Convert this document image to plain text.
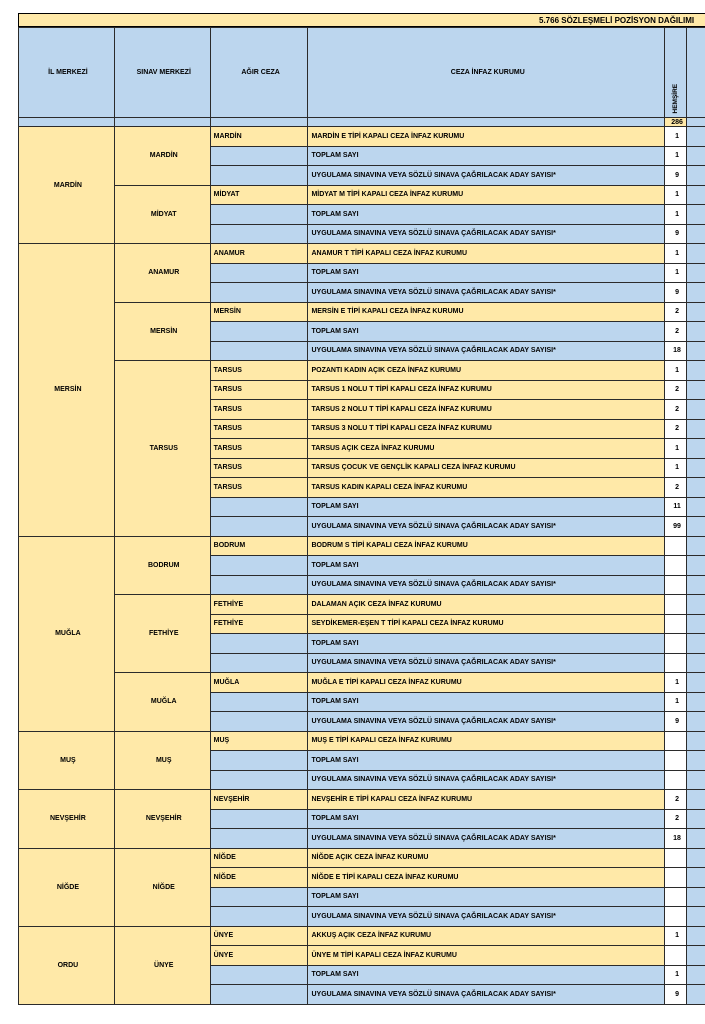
5.766 SÖZLEŞMELİ POZİSYON DAĞILIMI
İL MERKEZİ	SINAV MERKEZİ	AĞIR CEZA	CEZA İNFAZ KURUMU	HEMŞİRE	

				286	
MARDİN	MARDİN	MARDİN	MARDİN E TİPİ KAPALI CEZA İNFAZ KURUMU	1	
			TOPLAM SAYI	1	
			UYGULAMA SINAVINA VEYA SÖZLÜ SINAVA ÇAĞRILACAK ADAY SAYISI*	9	
	MİDYAT	MİDYAT	MİDYAT M TİPİ KAPALI CEZA İNFAZ KURUMU	1	
			TOPLAM SAYI	1	
			UYGULAMA SINAVINA VEYA SÖZLÜ SINAVA ÇAĞRILACAK ADAY SAYISI*	9	
MERSİN	ANAMUR	ANAMUR	ANAMUR T TİPİ KAPALI CEZA İNFAZ KURUMU	1	
			TOPLAM SAYI	1	
			UYGULAMA SINAVINA VEYA SÖZLÜ SINAVA ÇAĞRILACAK ADAY SAYISI*	9	
	MERSİN	MERSİN	MERSİN E TİPİ KAPALI CEZA İNFAZ KURUMU	2	
			TOPLAM SAYI	2	
			UYGULAMA SINAVINA VEYA SÖZLÜ SINAVA ÇAĞRILACAK ADAY SAYISI*	18	
	TARSUS	TARSUS	POZANTI KADIN AÇIK CEZA İNFAZ KURUMU	1	
		TARSUS	TARSUS 1 NOLU T TİPİ KAPALI CEZA İNFAZ KURUMU	2	
		TARSUS	TARSUS 2 NOLU T TİPİ KAPALI CEZA İNFAZ KURUMU	2	
		TARSUS	TARSUS 3 NOLU T TİPİ KAPALI CEZA İNFAZ KURUMU	2	
		TARSUS	TARSUS AÇIK CEZA İNFAZ KURUMU	1	
		TARSUS	TARSUS ÇOCUK VE GENÇLİK KAPALI CEZA İNFAZ KURUMU	1	
		TARSUS	TARSUS KADIN KAPALI CEZA İNFAZ KURUMU	2	
			TOPLAM SAYI	11	
			UYGULAMA SINAVINA VEYA SÖZLÜ SINAVA ÇAĞRILACAK ADAY SAYISI*	99	
MUĞLA	BODRUM	BODRUM	BODRUM S TİPİ KAPALI CEZA İNFAZ KURUMU		
			TOPLAM SAYI		
			UYGULAMA SINAVINA VEYA SÖZLÜ SINAVA ÇAĞRILACAK ADAY SAYISI*		
	FETHİYE	FETHİYE	DALAMAN AÇIK CEZA İNFAZ KURUMU		
		FETHİYE	SEYDİKEMER-EŞEN T TİPİ KAPALI CEZA İNFAZ KURUMU		
			TOPLAM SAYI		
			UYGULAMA SINAVINA VEYA SÖZLÜ SINAVA ÇAĞRILACAK ADAY SAYISI*		
	MUĞLA	MUĞLA	MUĞLA E TİPİ KAPALI CEZA İNFAZ KURUMU	1	
			TOPLAM SAYI	1	
			UYGULAMA SINAVINA VEYA SÖZLÜ SINAVA ÇAĞRILACAK ADAY SAYISI*	9	
MUŞ	MUŞ	MUŞ	MUŞ E TİPİ KAPALI CEZA İNFAZ KURUMU		
			TOPLAM SAYI		
			UYGULAMA SINAVINA VEYA SÖZLÜ SINAVA ÇAĞRILACAK ADAY SAYISI*		
NEVŞEHİR	NEVŞEHİR	NEVŞEHİR	NEVŞEHİR E TİPİ KAPALI CEZA İNFAZ KURUMU	2	
			TOPLAM SAYI	2	
			UYGULAMA SINAVINA VEYA SÖZLÜ SINAVA ÇAĞRILACAK ADAY SAYISI*	18	
NİĞDE	NİĞDE	NİĞDE	NİĞDE AÇIK CEZA İNFAZ KURUMU		
		NİĞDE	NİĞDE E TİPİ KAPALI CEZA İNFAZ KURUMU		
			TOPLAM SAYI		
			UYGULAMA SINAVINA VEYA SÖZLÜ SINAVA ÇAĞRILACAK ADAY SAYISI*		
ORDU	ÜNYE	ÜNYE	AKKUŞ AÇIK CEZA İNFAZ KURUMU	1	
		ÜNYE	ÜNYE M TİPİ KAPALI CEZA İNFAZ KURUMU		
			TOPLAM SAYI	1	
			UYGULAMA SINAVINA VEYA SÖZLÜ SINAVA ÇAĞRILACAK ADAY SAYISI*	9	
